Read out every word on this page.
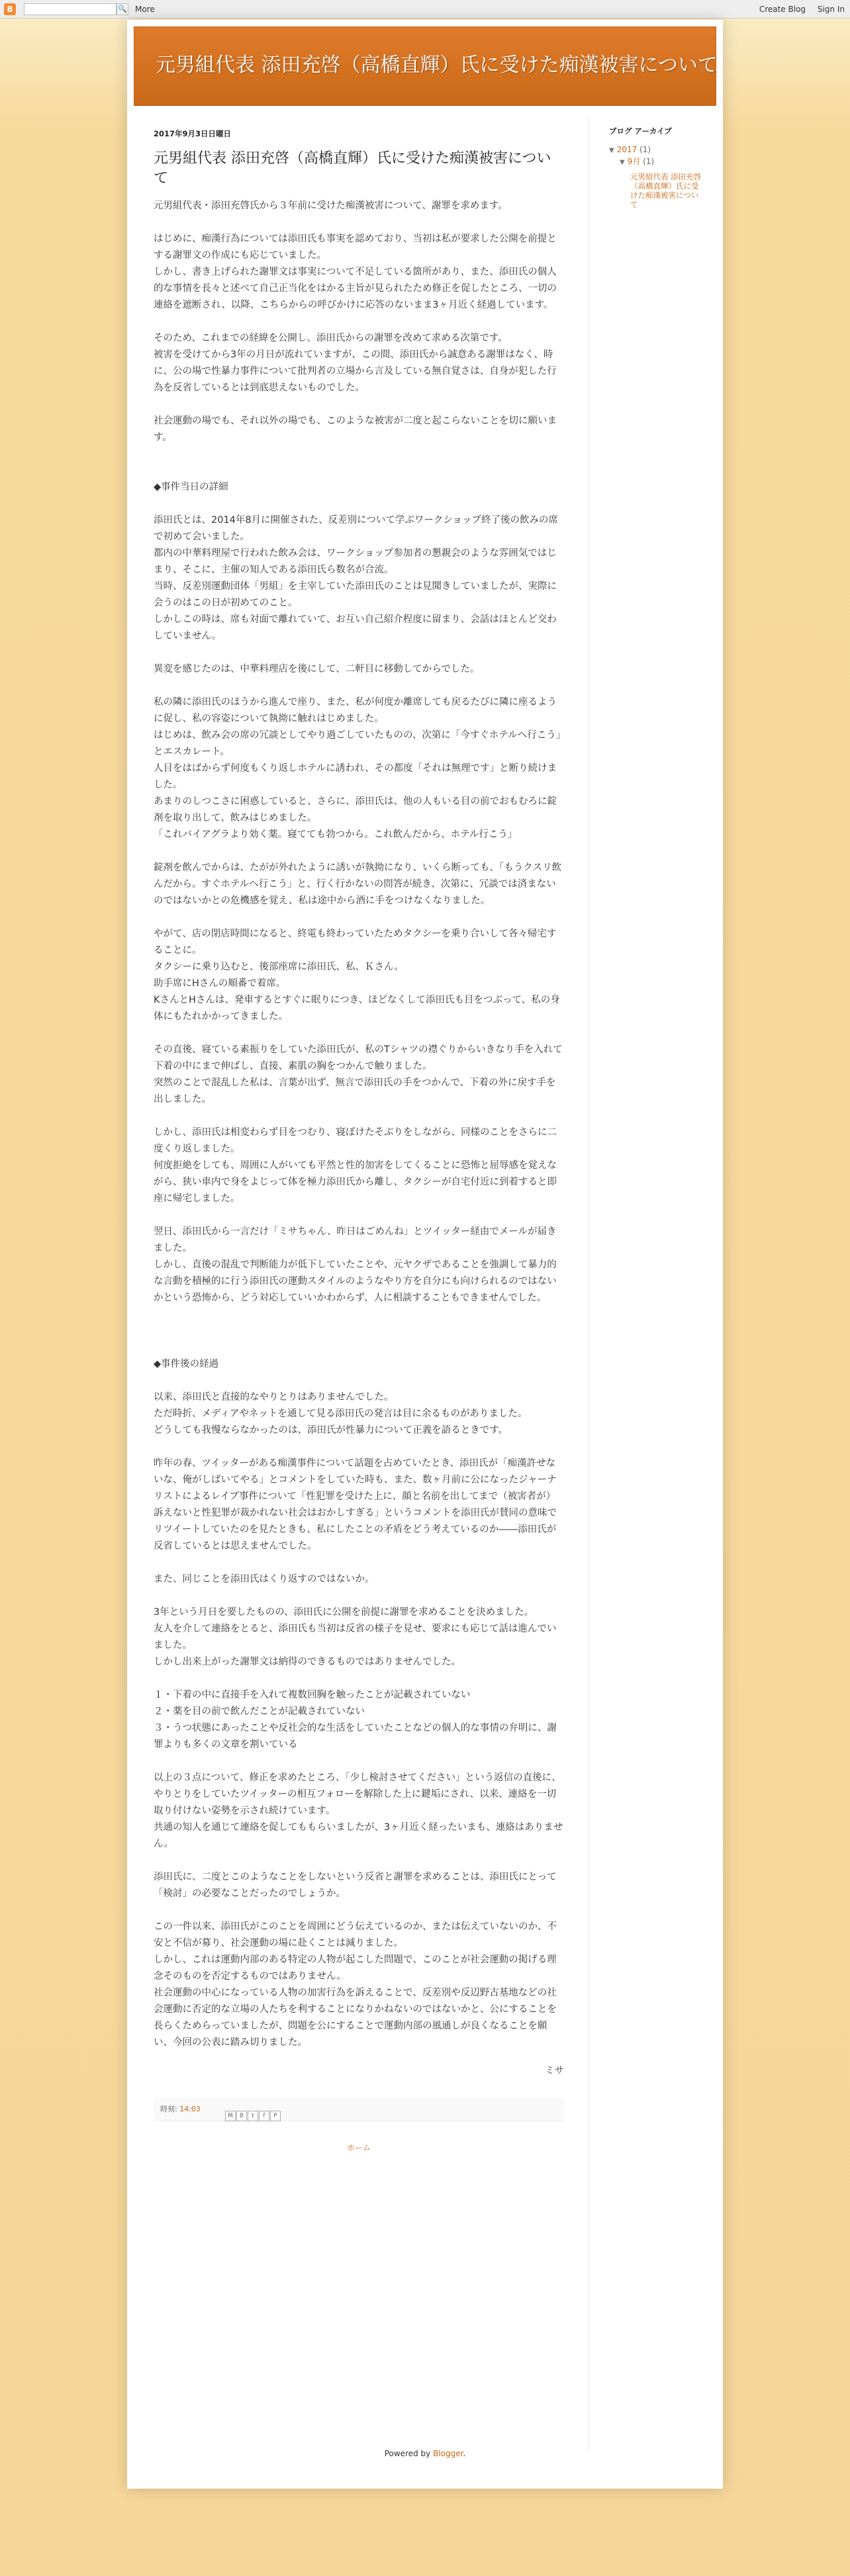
B	🔍 More	Create Blog Sign In
元男組代表 添田充啓（高橋直輝）氏に受けた痴漢被害について
2017年9月3日日曜日
元男組代表 添田充啓（高橋直輝）氏に受けた痴漢被害について
元男組代表・添田充啓氏から３年前に受けた痴漢被害について、謝罪を求めます。
はじめに、痴漢行為については添田氏も事実を認めており、当初は私が要求した公開を前提とする謝罪文の作成にも応じていました。
しかし、書き上げられた謝罪文は事実について不足している箇所があり、また、添田氏の個人的な事情を長々と述べて自己正当化をはかる主旨が見られたため修正を促したところ、一切の連絡を遮断され、以降、こちらからの呼びかけに応答のないまま3ヶ月近く経過しています。
そのため、これまでの経緯を公開し、添田氏からの謝罪を改めて求める次第です。
被害を受けてから3年の月日が流れていますが、この間、添田氏から誠意ある謝罪はなく、時に、公の場で性暴力事件について批判者の立場から言及している無自覚さは、自身が犯した行為を反省しているとは到底思えないものでした。
社会運動の場でも、それ以外の場でも、このような被害が二度と起こらないことを切に願います。
◆事件当日の詳細
添田氏とは、2014年8月に開催された、反差別について学ぶワークショップ終了後の飲みの席で初めて会いました。
都内の中華料理屋で行われた飲み会は、ワークショップ参加者の懇親会のような雰囲気ではじまり、そこに、主催の知人である添田氏ら数名が合流。
当時、反差別運動団体「男組」を主宰していた添田氏のことは見聞きしていましたが、実際に会うのはこの日が初めてのこと。
しかしこの時は、席も対面で離れていて、お互い自己紹介程度に留まり、会話はほとんど交わしていません。
異変を感じたのは、中華料理店を後にして、二軒目に移動してからでした。
私の隣に添田氏のほうから進んで座り、また、私が何度か離席しても戻るたびに隣に座るように促し、私の容姿について執拗に触れはじめました。
はじめは、飲み会の席の冗談としてやり過ごしていたものの、次第に「今すぐホテルへ行こう」とエスカレート。
人目をはばからず何度もくり返しホテルに誘われ、その都度「それは無理です」と断り続けました。
あまりのしつこさに困惑していると、さらに、添田氏は、他の人もいる目の前でおもむろに錠剤を取り出して、飲みはじめました。
「これバイアグラより効く薬。寝てても勃つから。これ飲んだから、ホテル行こう」
錠剤を飲んでからは、たがが外れたように誘いが執拗になり、いくら断っても、「もうクスリ飲んだから。すぐホテルへ行こう」と、行く行かないの問答が続き、次第に、冗談では済まないのではないかとの危機感を覚え、私は途中から酒に手をつけなくなりました。
やがて、店の閉店時間になると、終電も終わっていたためタクシーを乗り合いして各々帰宅することに。
タクシーに乗り込むと、後部座席に添田氏、私、Ｋさん。
助手席にHさんの順番で着席。
KさんとHさんは、発車するとすぐに眠りにつき、ほどなくして添田氏も目をつぶって、私の身体にもたれかかってきました。
その直後、寝ている素振りをしていた添田氏が、私のTシャツの襟ぐりからいきなり手を入れて下着の中にまで伸ばし、直接、素肌の胸をつかんで触りました。
突然のことで混乱した私は、言葉が出ず、無言で添田氏の手をつかんで、下着の外に戻す手を出しました。
しかし、添田氏は相変わらず目をつむり、寝ぼけたそぶりをしながら、同様のことをさらに二度くり返しました。
何度拒絶をしても、周囲に人がいても平然と性的加害をしてくることに恐怖と屈辱感を覚えながら、狭い車内で身をよじって体を極力添田氏から離し、タクシーが自宅付近に到着すると即座に帰宅しました。
翌日、添田氏から一言だけ「ミサちゃん、昨日はごめんね」とツイッター経由でメールが届きました。
しかし、直後の混乱で判断能力が低下していたことや、元ヤクザであることを強調して暴力的な言動を積極的に行う添田氏の運動スタイルのようなやり方を自分にも向けられるのではないかという恐怖から、どう対応していいかわからず、人に相談することもできませんでした。
◆事件後の経過
以来、添田氏と直接的なやりとりはありませんでした。
ただ時折、メディアやネットを通して見る添田氏の発言は目に余るものがありました。
どうしても我慢ならなかったのは、添田氏が性暴力について正義を語るときです。
昨年の春、ツイッターがある痴漢事件について話題を占めていたとき、添田氏が「痴漢許せないな、俺がしばいてやる」とコメントをしていた時も、また、数ヶ月前に公になったジャーナリストによるレイプ事件について「性犯罪を受けた上に、顔と名前を出してまで（被害者が）訴えないと性犯罪が裁かれない社会はおかしすぎる」というコメントを添田氏が賛同の意味でリツイートしていたのを見たときも、私にしたことの矛盾をどう考えているのか――添田氏が反省しているとは思えませんでした。
また、同じことを添田氏はくり返すのではないか。
3年という月日を要したものの、添田氏に公開を前提に謝罪を求めることを決めました。
友人を介して連絡をとると、添田氏も当初は反省の様子を見せ、要求にも応じて話は進んでいました。
しかし出来上がった謝罪文は納得のできるものではありませんでした。
１・下着の中に直接手を入れて複数回胸を触ったことが記載されていない
２・薬を目の前で飲んだことが記載されていない
３・うつ状態にあったことや反社会的な生活をしていたことなどの個人的な事情の弁明に、謝罪よりも多くの文章を割いている
以上の３点について、修正を求めたところ、「少し検討させてください」という返信の直後に、やりとりをしていたツイッターの相互フォローを解除した上に鍵垢にされ、以来、連絡を一切取り付けない姿勢を示され続けています。
共通の知人を通じて連絡を促してももらいましたが、3ヶ月近く経ったいまも、連絡はありません。
添田氏に、二度とこのようなことをしないという反省と謝罪を求めることは、添田氏にとって「検討」の必要なことだったのでしょうか。
この一件以来、添田氏がこのことを周囲にどう伝えているのか、または伝えていないのか、不安と不信が募り、社会運動の場に赴くことは減りました。
しかし、これは運動内部のある特定の人物が起こした問題で、このことが社会運動の掲げる理念そのものを否定するものではありません。
社会運動の中心になっている人物の加害行為を訴えることで、反差別や反辺野古基地などの社会運動に否定的な立場の人たちを利することになりかねないのではないかと、公にすることを長らくためらっていましたが、問題を公にすることで運動内部の風通しが良くなることを願い、今回の公表に踏み切りました。
ミサ
時刻: 14:03
M B t f P
ホーム
ブログ アーカイブ
▼ 2017 (1)
▼ 9月 (1)
元男組代表 添田充啓（高橋直輝）氏に受けた痴漢被害について
Powered by Blogger.
